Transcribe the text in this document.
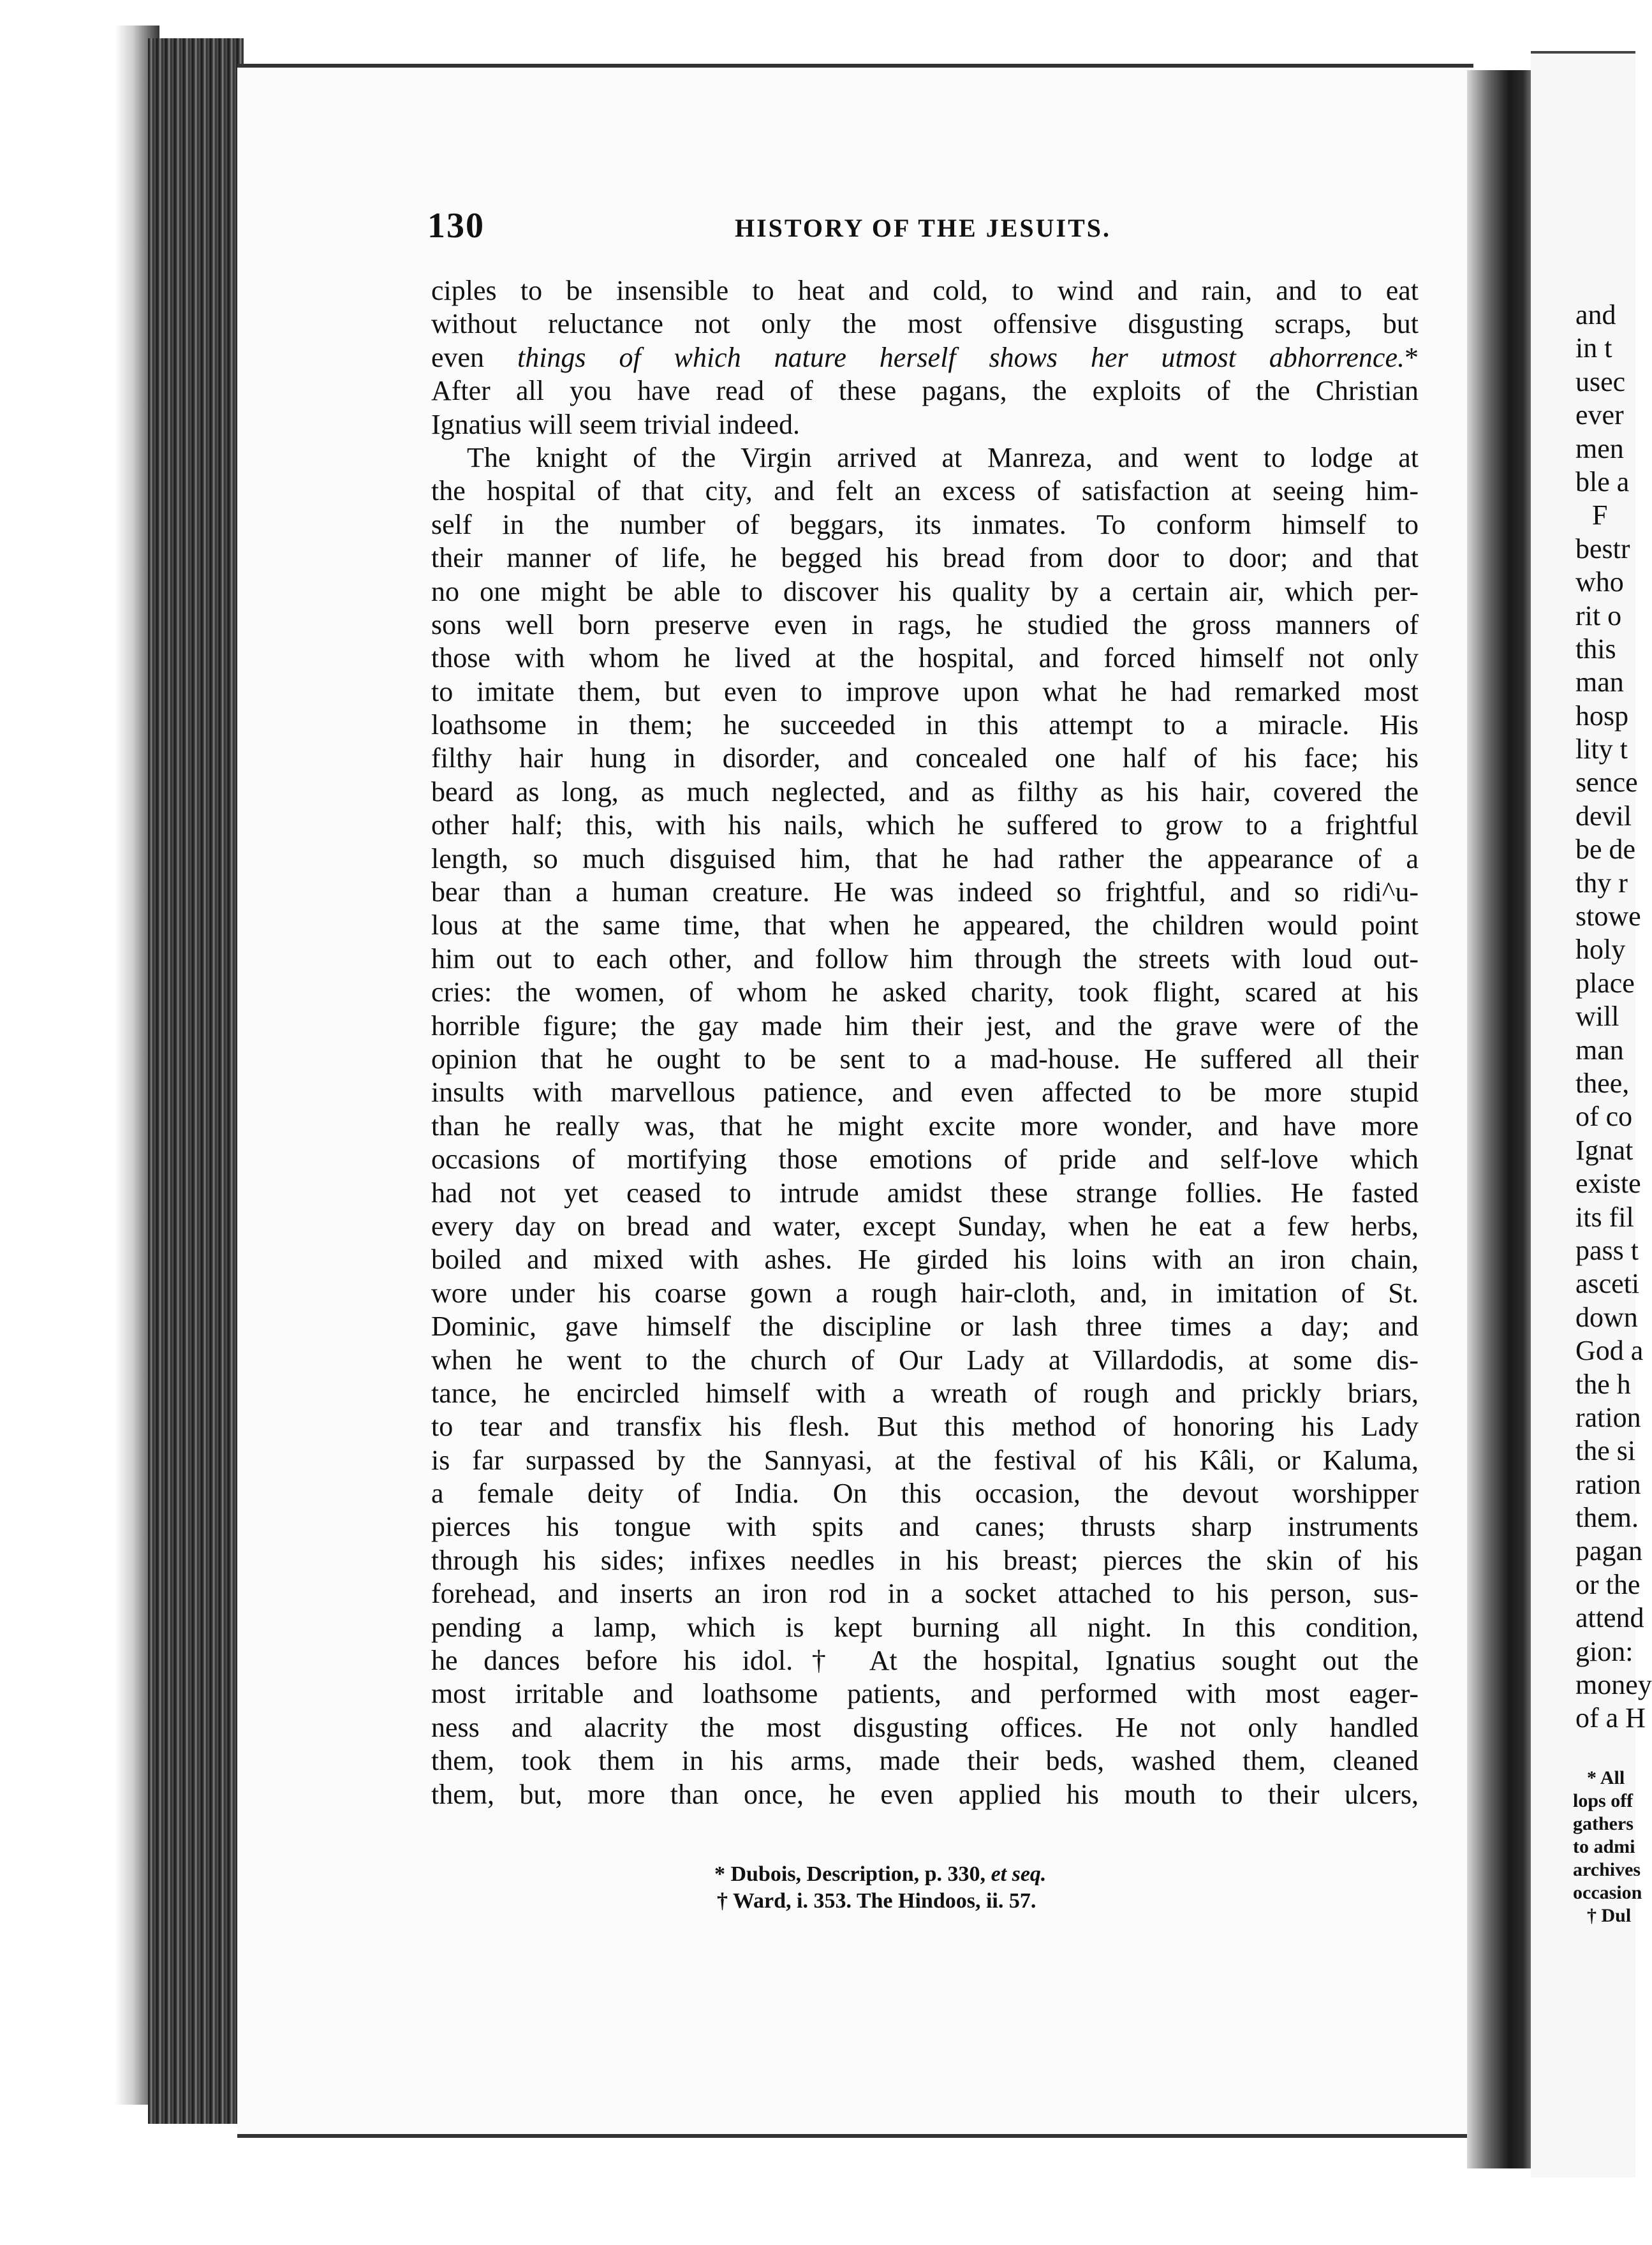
130	HISTORY OF THE JESUITS.
ciples to be insensible to heat and cold, to wind and rain, and to eat
without reluctance not only the most offensive disgusting scraps, but
even things of which nature herself shows her utmost abhorrence.*
After all you have read of these pagans, the exploits of the Christian
Ignatius will seem trivial indeed.
The knight of the Virgin arrived at Manreza, and went to lodge at
the hospital of that city, and felt an excess of satisfaction at seeing him-
self in the number of beggars, its inmates. To conform himself to
their manner of life, he begged his bread from door to door; and that
no one might be able to discover his quality by a certain air, which per-
sons well born preserve even in rags, he studied the gross manners of
those with whom he lived at the hospital, and forced himself not only
to imitate them, but even to improve upon what he had remarked most
loathsome in them; he succeeded in this attempt to a miracle. His
filthy hair hung in disorder, and concealed one half of his face; his
beard as long, as much neglected, and as filthy as his hair, covered the
other half; this, with his nails, which he suffered to grow to a frightful
length, so much disguised him, that he had rather the appearance of a
bear than a human creature. He was indeed so frightful, and so ridi^u-
lous at the same time, that when he appeared, the children would point
him out to each other, and follow him through the streets with loud out-
cries: the women, of whom he asked charity, took flight, scared at his
horrible figure; the gay made him their jest, and the grave were of the
opinion that he ought to be sent to a mad-house. He suffered all their
insults with marvellous patience, and even affected to be more stupid
than he really was, that he might excite more wonder, and have more
occasions of mortifying those emotions of pride and self-love which
had not yet ceased to intrude amidst these strange follies. He fasted
every day on bread and water, except Sunday, when he eat a few herbs,
boiled and mixed with ashes. He girded his loins with an iron chain,
wore under his coarse gown a rough hair-cloth, and, in imitation of St.
Dominic, gave himself the discipline or lash three times a day; and
when he went to the church of Our Lady at Villardodis, at some dis-
tance, he encircled himself with a wreath of rough and prickly briars,
to tear and transfix his flesh. But this method of honoring his Lady
is far surpassed by the Sannyasi, at the festival of his Kâli, or Kaluma,
a female deity of India. On this occasion, the devout worshipper
pierces his tongue with spits and canes; thrusts sharp instruments
through his sides; infixes needles in his breast; pierces the skin of his
forehead, and inserts an iron rod in a socket attached to his person, sus-
pending a lamp, which is kept burning all night. In this condition,
he dances before his idol.† At the hospital, Ignatius sought out the
most irritable and loathsome patients, and performed with most eager-
ness and alacrity the most disgusting offices. He not only handled
them, took them in his arms, made their beds, washed them, cleaned
them, but, more than once, he even applied his mouth to their ulcers,
* Dubois, Description, p. 330, et seq.
† Ward, i. 353. The Hindoos, ii. 57.
and
in t
usec
ever
men
ble a
F
bestr
who
rit o
this
man
hosp
lity t
sence
devil
be de
thy r
stowe
holy
place
will
man
thee,
of co
Ignat
existe
its fil
pass t
asceti
down
God a
the h
ration
the si
ration
them.
pagan
or the
attend
gion:
money
of a H
* All
lops off
gathers
to admi
archives
occasion
† Dul
